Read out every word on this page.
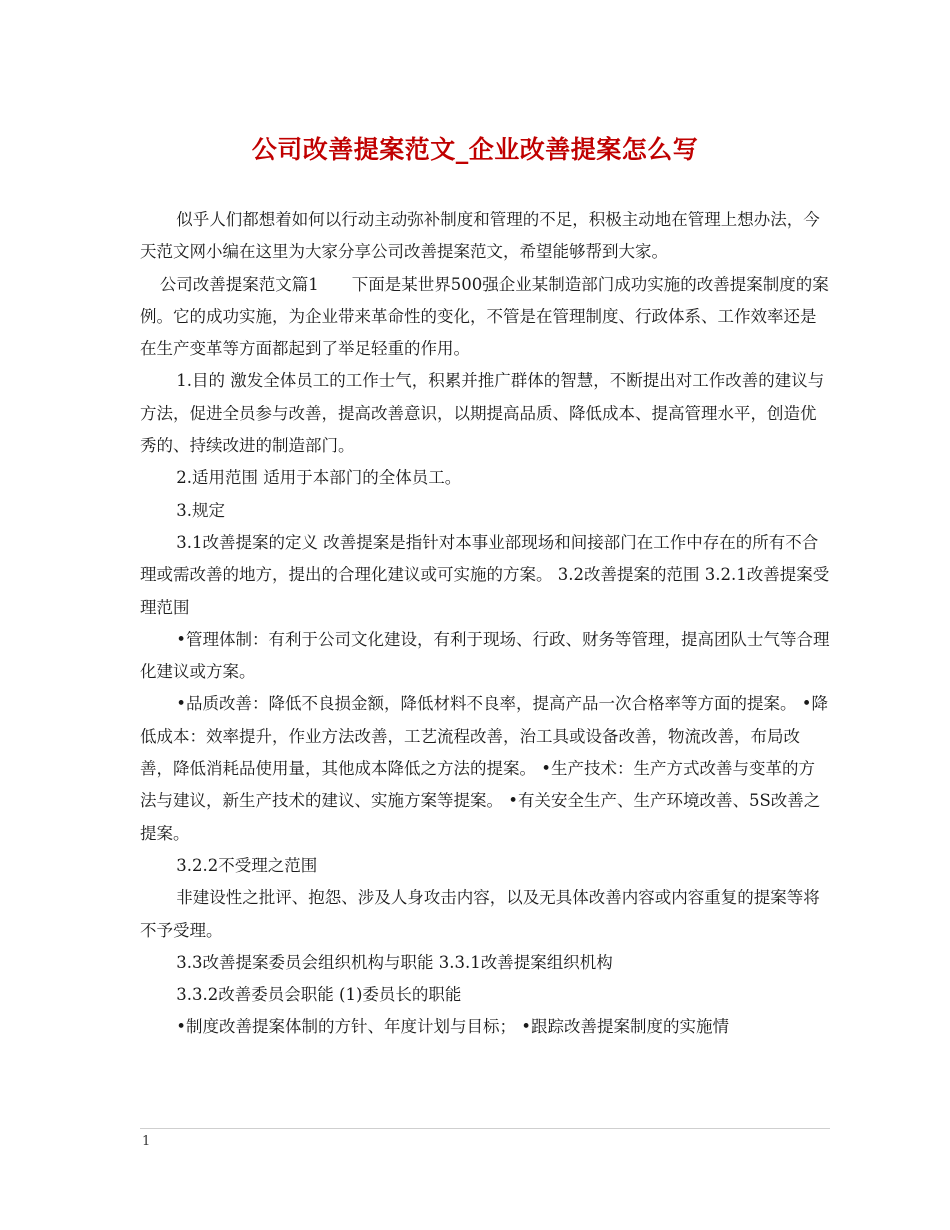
公司改善提案范文_企业改善提案怎么写

似乎人们都想着如何以行动主动弥补制度和管理的不足，积极主动地在管理上想办法，今天范文网小编在这里为大家分享公司改善提案范文，希望能够帮到大家。

公司改善提案范文篇1　　下面是某世界500强企业某制造部门成功实施的改善提案制度的案例。它的成功实施，为企业带来革命性的变化，不管是在管理制度、行政体系、工作效率还是在生产变革等方面都起到了举足轻重的作用。

1.目的 激发全体员工的工作士气，积累并推广群体的智慧，不断提出对工作改善的建议与方法，促进全员参与改善，提高改善意识，以期提高品质、降低成本、提高管理水平，创造优秀的、持续改进的制造部门。

2.适用范围 适用于本部门的全体员工。

3.规定

3.1改善提案的定义 改善提案是指针对本事业部现场和间接部门在工作中存在的所有不合理或需改善的地方，提出的合理化建议或可实施的方案。 3.2改善提案的范围 3.2.1改善提案受理范围

•管理体制：有利于公司文化建设，有利于现场、行政、财务等管理，提高团队士气等合理化建议或方案。

•品质改善：降低不良损金额，降低材料不良率，提高产品一次合格率等方面的提案。 •降低成本：效率提升，作业方法改善，工艺流程改善，治工具或设备改善，物流改善，布局改善，降低消耗品使用量，其他成本降低之方法的提案。 •生产技术：生产方式改善与变革的方法与建议，新生产技术的建议、实施方案等提案。 •有关安全生产、生产环境改善、5S改善之提案。

3.2.2不受理之范围

非建设性之批评、抱怨、涉及人身攻击内容，以及无具体改善内容或内容重复的提案等将不予受理。

3.3改善提案委员会组织机构与职能 3.3.1改善提案组织机构

3.3.2改善委员会职能 (1)委员长的职能

•制度改善提案体制的方针、年度计划与目标； •跟踪改善提案制度的实施情

1
